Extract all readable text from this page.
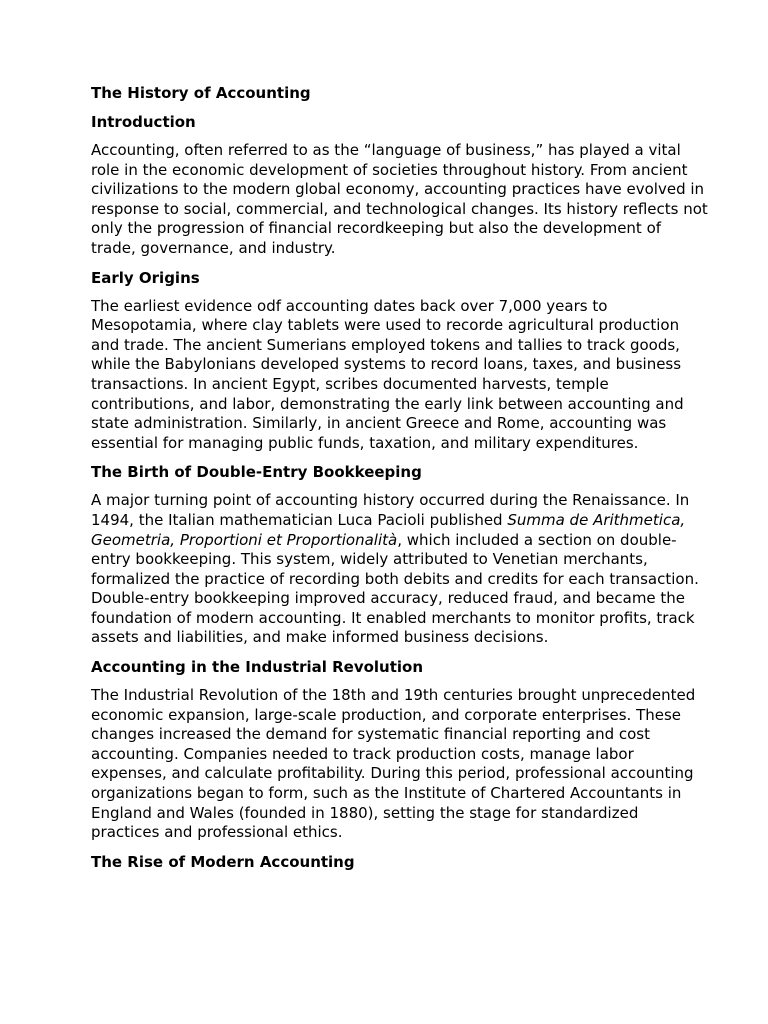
The History of Accounting
Introduction

Accounting, often referred to as the “language of business,” has played a vital role in the economic development of societies throughout history. From ancient civilizations to the modern global economy, accounting practices have evolved in response to social, commercial, and technological changes. Its history reflects not only the progression of financial recordkeeping but also the development of trade, governance, and industry.

Early Origins

The earliest evidence odf accounting dates back over 7,000 years to Mesopotamia, where clay tablets were used to recorde agricultural production and trade. The ancient Sumerians employed tokens and tallies to track goods, while the Babylonians developed systems to record loans, taxes, and business transactions. In ancient Egypt, scribes documented harvests, temple contributions, and labor, demonstrating the early link between accounting and state administration. Similarly, in ancient Greece and Rome, accounting was essential for managing public funds, taxation, and military expenditures.

The Birth of Double-Entry Bookkeeping

A major turning point of accounting history occurred during the Renaissance. In 1494, the Italian mathematician Luca Pacioli published Summa de Arithmetica, Geometria, Proportioni et Proportionalità, which included a section on double-entry bookkeeping. This system, widely attributed to Venetian merchants, formalized the practice of recording both debits and credits for each transaction. Double-entry bookkeeping improved accuracy, reduced fraud, and became the foundation of modern accounting. It enabled merchants to monitor profits, track assets and liabilities, and make informed business decisions.

Accounting in the Industrial Revolution

The Industrial Revolution of the 18th and 19th centuries brought unprecedented economic expansion, large-scale production, and corporate enterprises. These changes increased the demand for systematic financial reporting and cost accounting. Companies needed to track production costs, manage labor expenses, and calculate profitability. During this period, professional accounting organizations began to form, such as the Institute of Chartered Accountants in England and Wales (founded in 1880), setting the stage for standardized practices and professional ethics.

The Rise of Modern Accounting
